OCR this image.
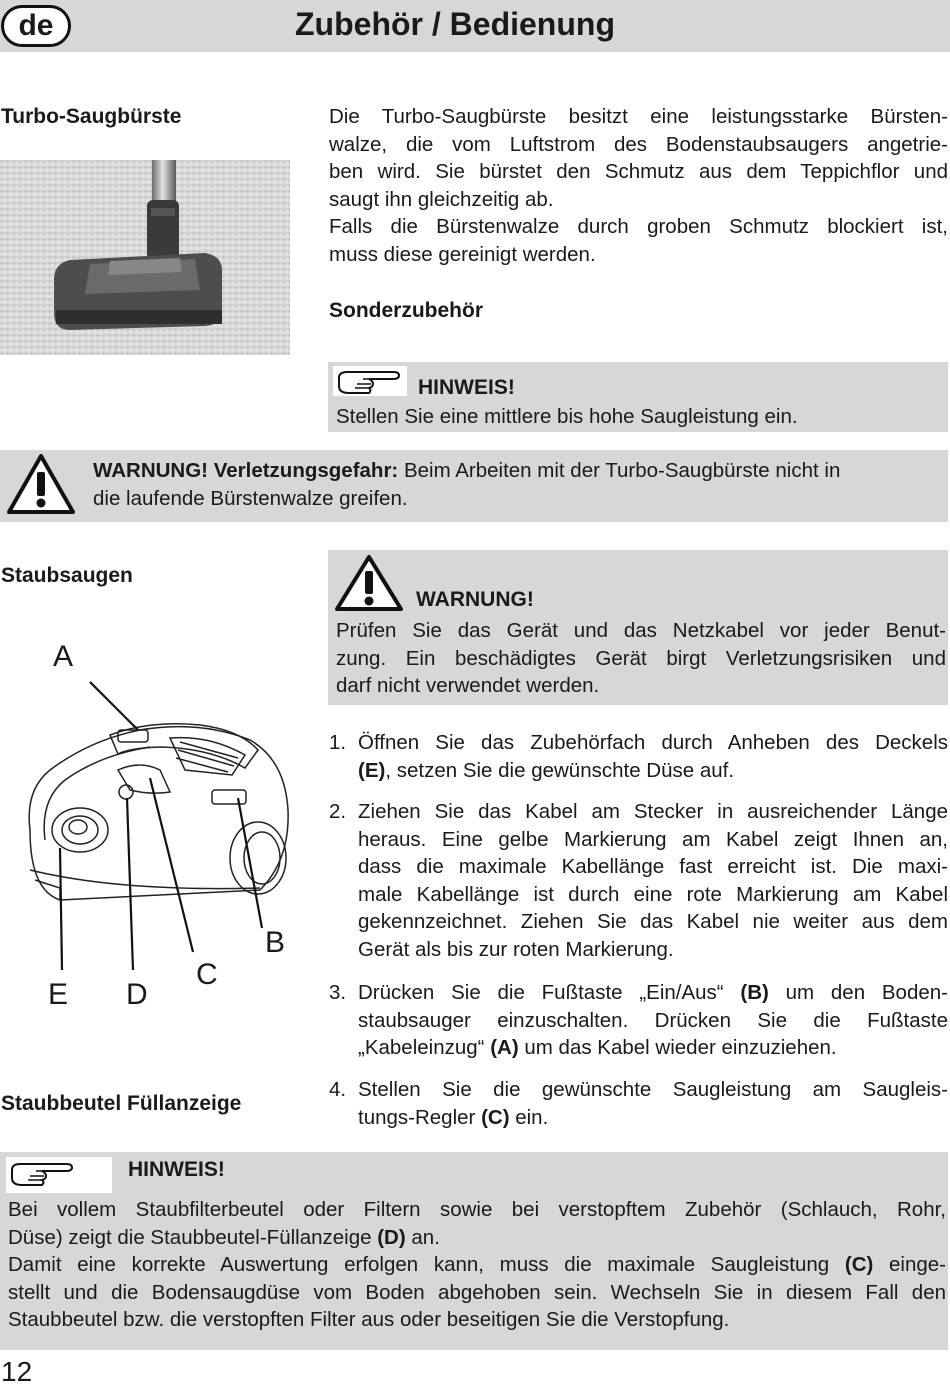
de	Zubehör / Bedienung
Turbo-Saugbürste	Die Turbo-Saugbürste besitzt eine leistungsstarke Bürsten-
walze, die vom Luftstrom des Bodenstaubsaugers angetrie-
ben wird. Sie bürstet den Schmutz aus dem Teppichflor und
saugt ihn gleichzeitig ab.
Falls die Bürstenwalze durch groben Schmutz blockiert ist,
muss diese gereinigt werden.
Sonderzubehör
HINWEIS!
Stellen Sie eine mittlere bis hohe Saugleistung ein.
WARNUNG! Verletzungsgefahr: Beim Arbeiten mit der Turbo-Saugbürste nicht in
die laufende Bürstenwalze greifen.
Staubsaugen
A
B
C
D
E
WARNUNG!
Prüfen Sie das Gerät und das Netzkabel vor jeder Benut-
zung. Ein beschädigtes Gerät birgt Verletzungsrisiken und
darf nicht verwendet werden.
1. Öffnen Sie das Zubehörfach durch Anheben des Deckels
(E), setzen Sie die gewünschte Düse auf.
2. Ziehen Sie das Kabel am Stecker in ausreichender Länge
heraus. Eine gelbe Markierung am Kabel zeigt Ihnen an,
dass die maximale Kabellänge fast erreicht ist. Die maxi-
male Kabellänge ist durch eine rote Markierung am Kabel
gekennzeichnet. Ziehen Sie das Kabel nie weiter aus dem
Gerät als bis zur roten Markierung.
3. Drücken Sie die Fußtaste „Ein/Aus“ (B) um den Boden-
staubsauger einzuschalten. Drücken Sie die Fußtaste
„Kabeleinzug“ (A) um das Kabel wieder einzuziehen.
4. Stellen Sie die gewünschte Saugleistung am Sauglеis-
tungs-Regler (C) ein.
Staubbeutel Füllanzeige
HINWEIS!
Bei vollem Staubfilterbeutel oder Filtern sowie bei verstopftem Zubehör (Schlauch, Rohr,
Düse) zeigt die Staubbeutel-Füllanzeige (D) an.
Damit eine korrekte Auswertung erfolgen kann, muss die maximale Saugleistung (C) einge-
stellt und die Bodensaugdüse vom Boden abgehoben sein. Wechseln Sie in diesem Fall den
Staubbeutel bzw. die verstopften Filter aus oder beseitigen Sie die Verstopfung.
12
